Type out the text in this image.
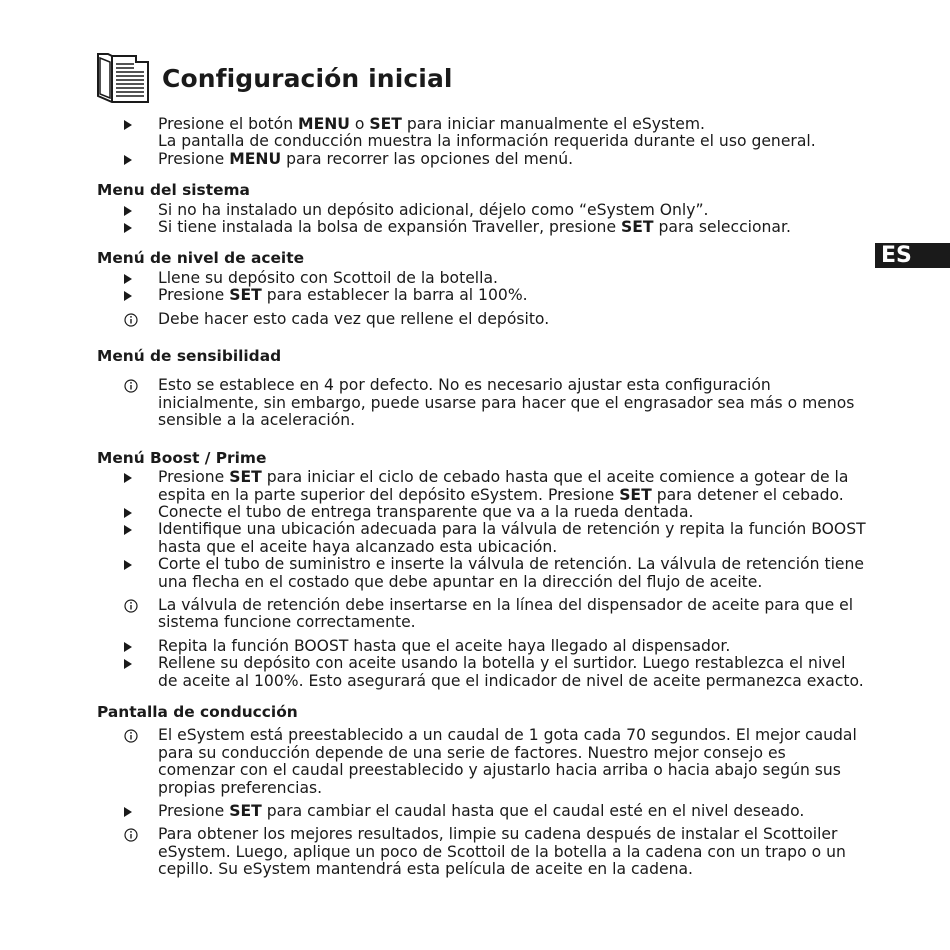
Configuración inicial
ES
Presione el botón MENU o SET para iniciar manualmente el eSystem.
La pantalla de conducción muestra la información requerida durante el uso general.
Presione MENU para recorrer las opciones del menú.
Menu del sistema
Si no ha instalado un depósito adicional, déjelo como “eSystem Only”.
Si tiene instalada la bolsa de expansión Traveller, presione SET para seleccionar.
Menú de nivel de aceite
Llene su depósito con Scottoil de la botella.
Presione SET para establecer la barra al 100%.
Debe hacer esto cada vez que rellene el depósito.
Menú de sensibilidad
Esto se establece en 4 por defecto. No es necesario ajustar esta configuración inicialmente, sin embargo, puede usarse para hacer que el engrasador sea más o menos sensible a la aceleración.
Menú Boost / Prime
Presione SET para iniciar el ciclo de cebado hasta que el aceite comience a gotear de la espita en la parte superior del depósito eSystem. Presione SET para detener el cebado.
Conecte el tubo de entrega transparente que va a la rueda dentada.
Identifique una ubicación adecuada para la válvula de retención y repita la función BOOST hasta que el aceite haya alcanzado esta ubicación.
Corte el tubo de suministro e inserte la válvula de retención. La válvula de retención tiene una flecha en el costado que debe apuntar en la dirección del flujo de aceite.
La válvula de retención debe insertarse en la línea del dispensador de aceite para que el sistema funcione correctamente.
Repita la función BOOST hasta que el aceite haya llegado al dispensador.
Rellene su depósito con aceite usando la botella y el surtidor. Luego restablezca el nivel de aceite al 100%. Esto asegurará que el indicador de nivel de aceite permanezca exacto.
Pantalla de conducción
El eSystem está preestablecido a un caudal de 1 gota cada 70 segundos. El mejor caudal para su conducción depende de una serie de factores. Nuestro mejor consejo es comenzar con el caudal preestablecido y ajustarlo hacia arriba o hacia abajo según sus propias preferencias.
Presione SET para cambiar el caudal hasta que el caudal esté en el nivel deseado.
Para obtener los mejores resultados, limpie su cadena después de instalar el Scottoiler eSystem. Luego, aplique un poco de Scottoil de la botella a la cadena con un trapo o un cepillo. Su eSystem mantendrá esta película de aceite en la cadena.
